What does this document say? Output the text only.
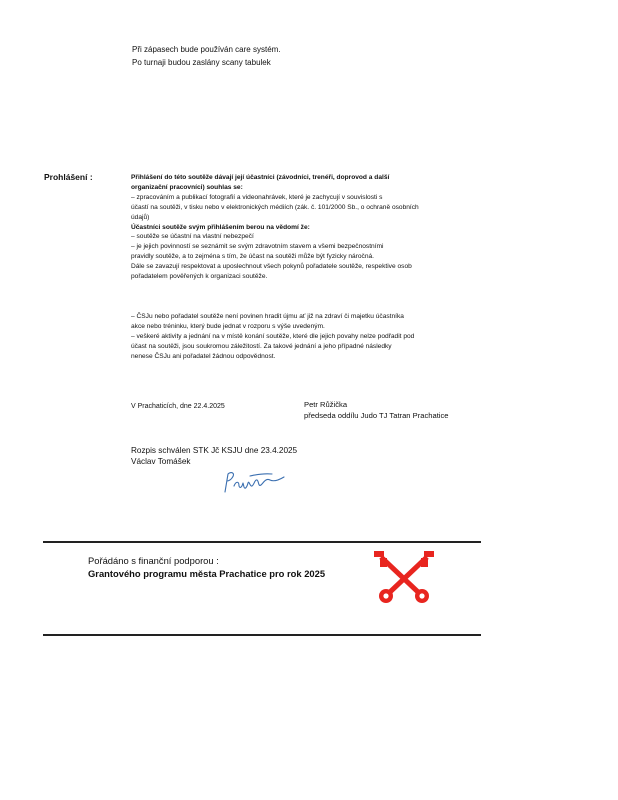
Při zápasech bude používán care systém.
Po turnaji budou zaslány scany tabulek
Prohlášení :	Přihlášení do této soutěže dávají její účastníci (závodníci, trenéři, doprovod a další
organizační pracovníci) souhlas se:
– zpracováním a publikací fotografií a videonahrávek, které je zachycují v souvislosti s
účastí na soutěži, v tisku nebo v elektronických médiích (zák. č. 101/2000 Sb., o ochraně osobních
údajů)
Účastníci soutěže svým přihlášením berou na vědomí že:
– soutěže se účastní na vlastní nebezpečí
– je jejich povinností se seznámit se svým zdravotním stavem a všemi bezpečnostními
pravidly soutěže, a to zejména s tím, že účast na soutěži může být fyzicky náročná.
Dále se zavazují respektovat a uposlechnout všech pokynů pořadatele soutěže, respektive osob
pořadatelem pověřených k organizaci soutěže.
– ČSJu nebo pořadatel soutěže není povinen hradit újmu ať již na zdraví či majetku účastníka
akce nebo tréninku, který bude jednat v rozporu s výše uvedeným.
– veškeré aktivity a jednání na v místě konání soutěže, které dle jejich povahy nelze podřadit pod
účast na soutěži, jsou soukromou záležitostí. Za takové jednání a jeho případné následky
nenese ČSJu ani pořadatel žádnou odpovědnost.
V Prachaticích, dne 22.4.2025	Petr Růžička
předseda oddílu Judo TJ Tatran Prachatice
Rozpis schválen STK Jč KSJU dne 23.4.2025
Václav Tomášek
Pořádáno s finanční podporou :
Grantového programu města Prachatice pro rok 2025
